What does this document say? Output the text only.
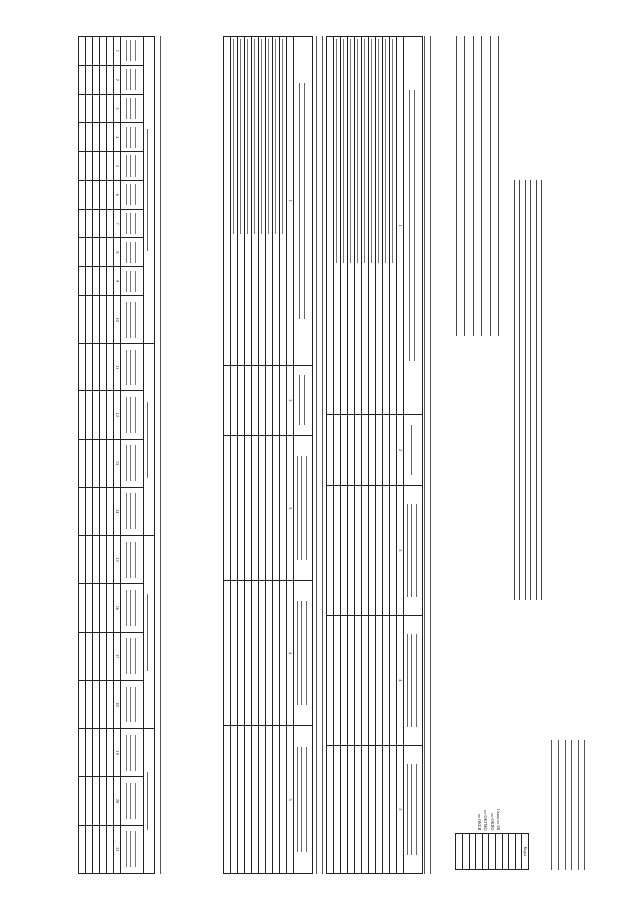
	Коды

Глава по БК	
по ОКПО	
по ОКТМО	
по ОКЕИ	

1	2	3	4	5

1	2	3	4	5

1	2	3	4	5	6	7	8	9	10	11	12	13	14	15	16	17	18	19	20	21
